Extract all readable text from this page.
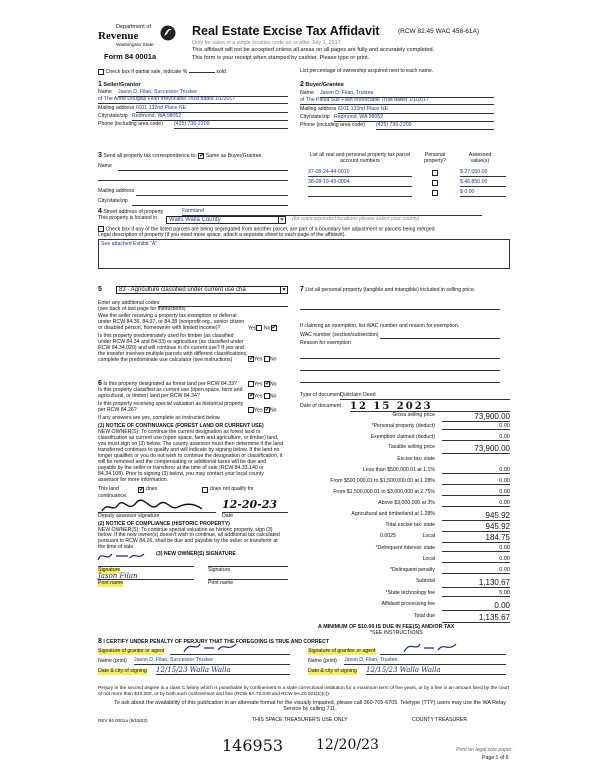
Department of
Revenue
Washington State
Form 84 0001a
Real Estate Excise Tax Affidavit	(RCW 82.45 WAC 458-61A)
Only for sales in a single location code on or after July 1, 2017.
This affidavit will not be accepted unless all areas on all pages are fully and accurately completed.
This form is your receipt when stamped by cashier. Please type or print.
Check box if partial sale, indicate %	sold.	List percentage of ownership acquired next to each name.
1 Seller/Grantor
Name Jason D. Filan, Successor Trustee
of The Anne Douglas Filan Irrevocable Trust dated 1/1/2017
Mailing address 6911 132nd Place NE
City/state/zip Redmond, WA 98052
Phone (including area code) (425) 736-2209
2 Buyer/Grantee
Name Jason D. Filan, Trustee
of The Paula Sue Filan Irrevocable Trust dated 1/1/2017
Mailing address 6911 132nd Place NE
City/state/zip Redmond, WA 98052
Phone (including area code) (425) 736-2209
3 Send all property tax correspondence to: ✔ Same as Buyer/Grantee
Name
Mailing address
City/state/zip
List all real and personal property tax parcel account numbers
Personal property?
Assessed value(s)
37-08-24-44-0010	$ 27,050.00
38-08-19-43-0004	$ 46,850.00
$ 0.00
4 Street address of property	Farmland
This property is located in	Walls Walla County	▼ (for unincorporated locations please select your county)
Check box if any of the listed parcels are being segregated from another parcel, are part of a boundary line adjustment or parcels being merged.
Legal description of property (if you need more space, attach a separate sheet to each page of the affidavit).
See attached Exhibit "A"
5	83 - Agriculture classified under current use cha	▼
Enter any additional codes:
(see back of last page for instructions)
Was the seller receiving a property tax exemption or deferral under RCW 84.36, 84.37, or 84.38 (nonprofit org., senior citizen or disabled person, homeowner with limited income)?	Yes No✔
Is this property predominately used for timber (as classified under RCW 84.34 and 84.33) or agriculture (as classified under RCW 84.34.020) and will continue in it's current use? If yes and the transfer involves multiple parcels with different classifications, complete the predominate use calculator (see instructions) ✔	Yes No
7 List all personal property (tangible and intangible) included in selling price.
If claiming an exemption, list WAC number and reason for exemption.
WAC number (section/subsection)
Reason for exemption
6 Is this property designated as forest land per RCW 84.33?	Yes ✔ No
Is this property classified as current use (open space, farm and agricultural, or timber) land per RCW 84.34? ✔	Yes No
Is this property receiving special valuation as historical property per RCW 84.26?	Yes ✔ No
If any answers are yes, complete as instructed below.
(1) NOTICE OF CONTINUANCE (FOREST LAND OR CURRENT USE)
NEW OWNER(S): To continue the current designation as forest land or classification as current use (open space, farm and agriculture, or timber) land, you must sign on (3) below. The county assessor must then determine if the land transferred continues to qualify and will indicate by signing below. If the land no longer qualifies or you do not wish to continue the designation or classification, it will be removed and the compensating or additional taxes will be due and payable by the seller or transferor at the time of sale (RCW 84.33.140 or 84.34.108). Prior to signing (3) below, you may contact your local county assessor for more information.
This land ✔	does	does not qualify for
continuance.
12-20-23
Deputy assessor signature	Date
(2) NOTICE OF COMPLIANCE (HISTORIC PROPERTY)
NEW OWNER(S): To continue special valuation as historic property, sign (3) below. If the new owner(s) doesn't wish to continue, all additional tax calculated pursuant to RCW 84.26, shall be due and payable by the seller or transferor at the time of sale.
(3) NEW OWNER(S) SIGNATURE
Signature
Jason Filan
Print name
Signature
Print name
Type of document
Quitclaim Deed
Date of document 12 15 2023
Gross selling price	73,900.00
*Personal property (deduct)	0.00
Exemption claimed (deduct)	0.00
Taxable selling price	73,900.00
Excise tax: state
Less than $500,000.01 at 1.1%	0.00
From $500,000.01 to $1,500,000.00 at 1.28%	0.00
From $1,500,000.01 to $3,000,000 at 2.75%	0.00
Above $3,000,000 at 3%	0.00
Agricultural and timberland at 1.28%	945.92
Total excise tax: state	945.92
0.0025	Local	184.75
*Delinquent interest: state	0.00
Local	0.00
*Delinquent penalty	0.00
Subtotal	1,130.67
*State technology fee	5.00
Affidavit processing fee	0.00
Total due	1,135.67
A MINIMUM OF $10.00 IS DUE IN FEE(S) AND/OR TAX
*SEE INSTRUCTIONS
8 I CERTIFY UNDER PENALTY OF PERJURY THAT THE FOREGOING IS TRUE AND CORRECT
Signature of grantor or agent
Name (print) Jason D. Filan, Successor Trustee
Date & city of signing 12/15/23 Walla Walla
Signature of grantee or agent
Name (print) Jason D. Filan, Trustee
Date & city of signing 12/15/23 Walla Walla
Perjury in the second degree is a class C felony which is punishable by confinement in a state correctional institution for a maximum term of five years, or by a fine in an amount fixed by the court of not more than $10,000, or by both such confinement and fine (RCW 9A.72.030 and RCW 9A.20.021(1)(c)).
To ask about the availability of this publication in an alternate format for the visually impaired, please call 360-705-6705. Teletype (TTY) users may use the WA Relay Service by calling 711.
REV 84 0001a (8/15/22)	THIS SPACE TREASURER'S USE ONLY	COUNTY TREASURER
146953 12/20/23	Print on legal size paper.
Page 1 of 6
